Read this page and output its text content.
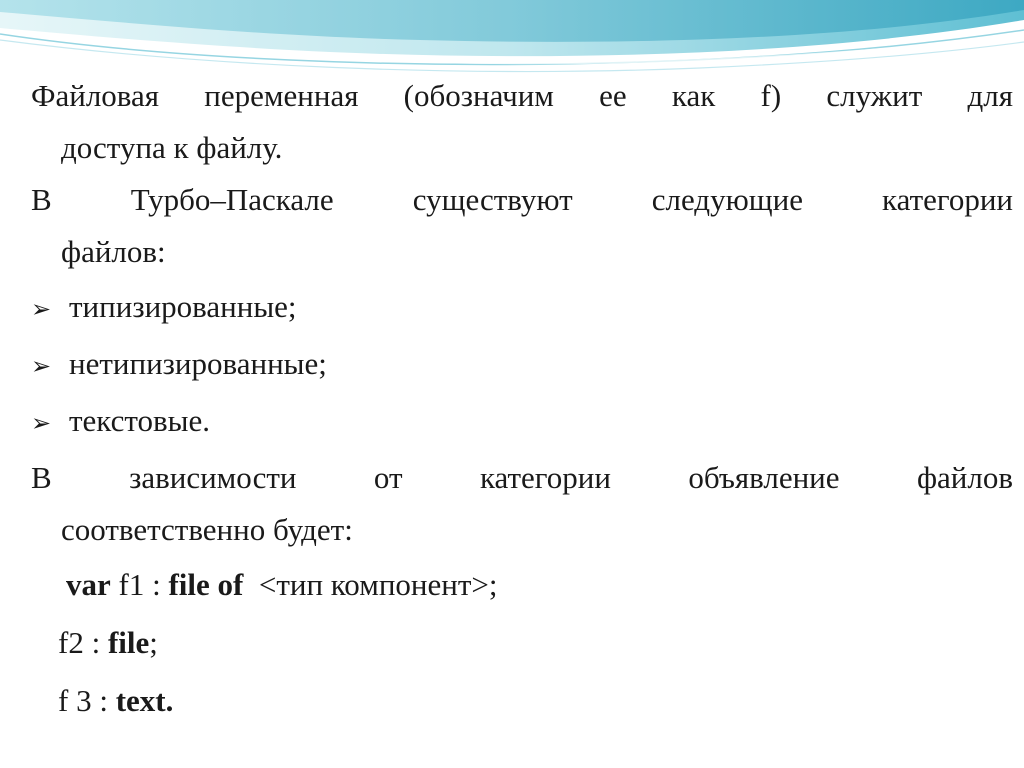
Файловая переменная (обозначим ее как f) служит для
доступа к файлу.

В Турбо–Паскале существуют следующие категории
файлов:

➢ типизированные;
➢ нетипизированные;
➢ текстовые.

В зависимости от категории объявление файлов
соответственно будет:

var f1 : file of  <тип компонент>;
f2 : file;
f 3 : text.
